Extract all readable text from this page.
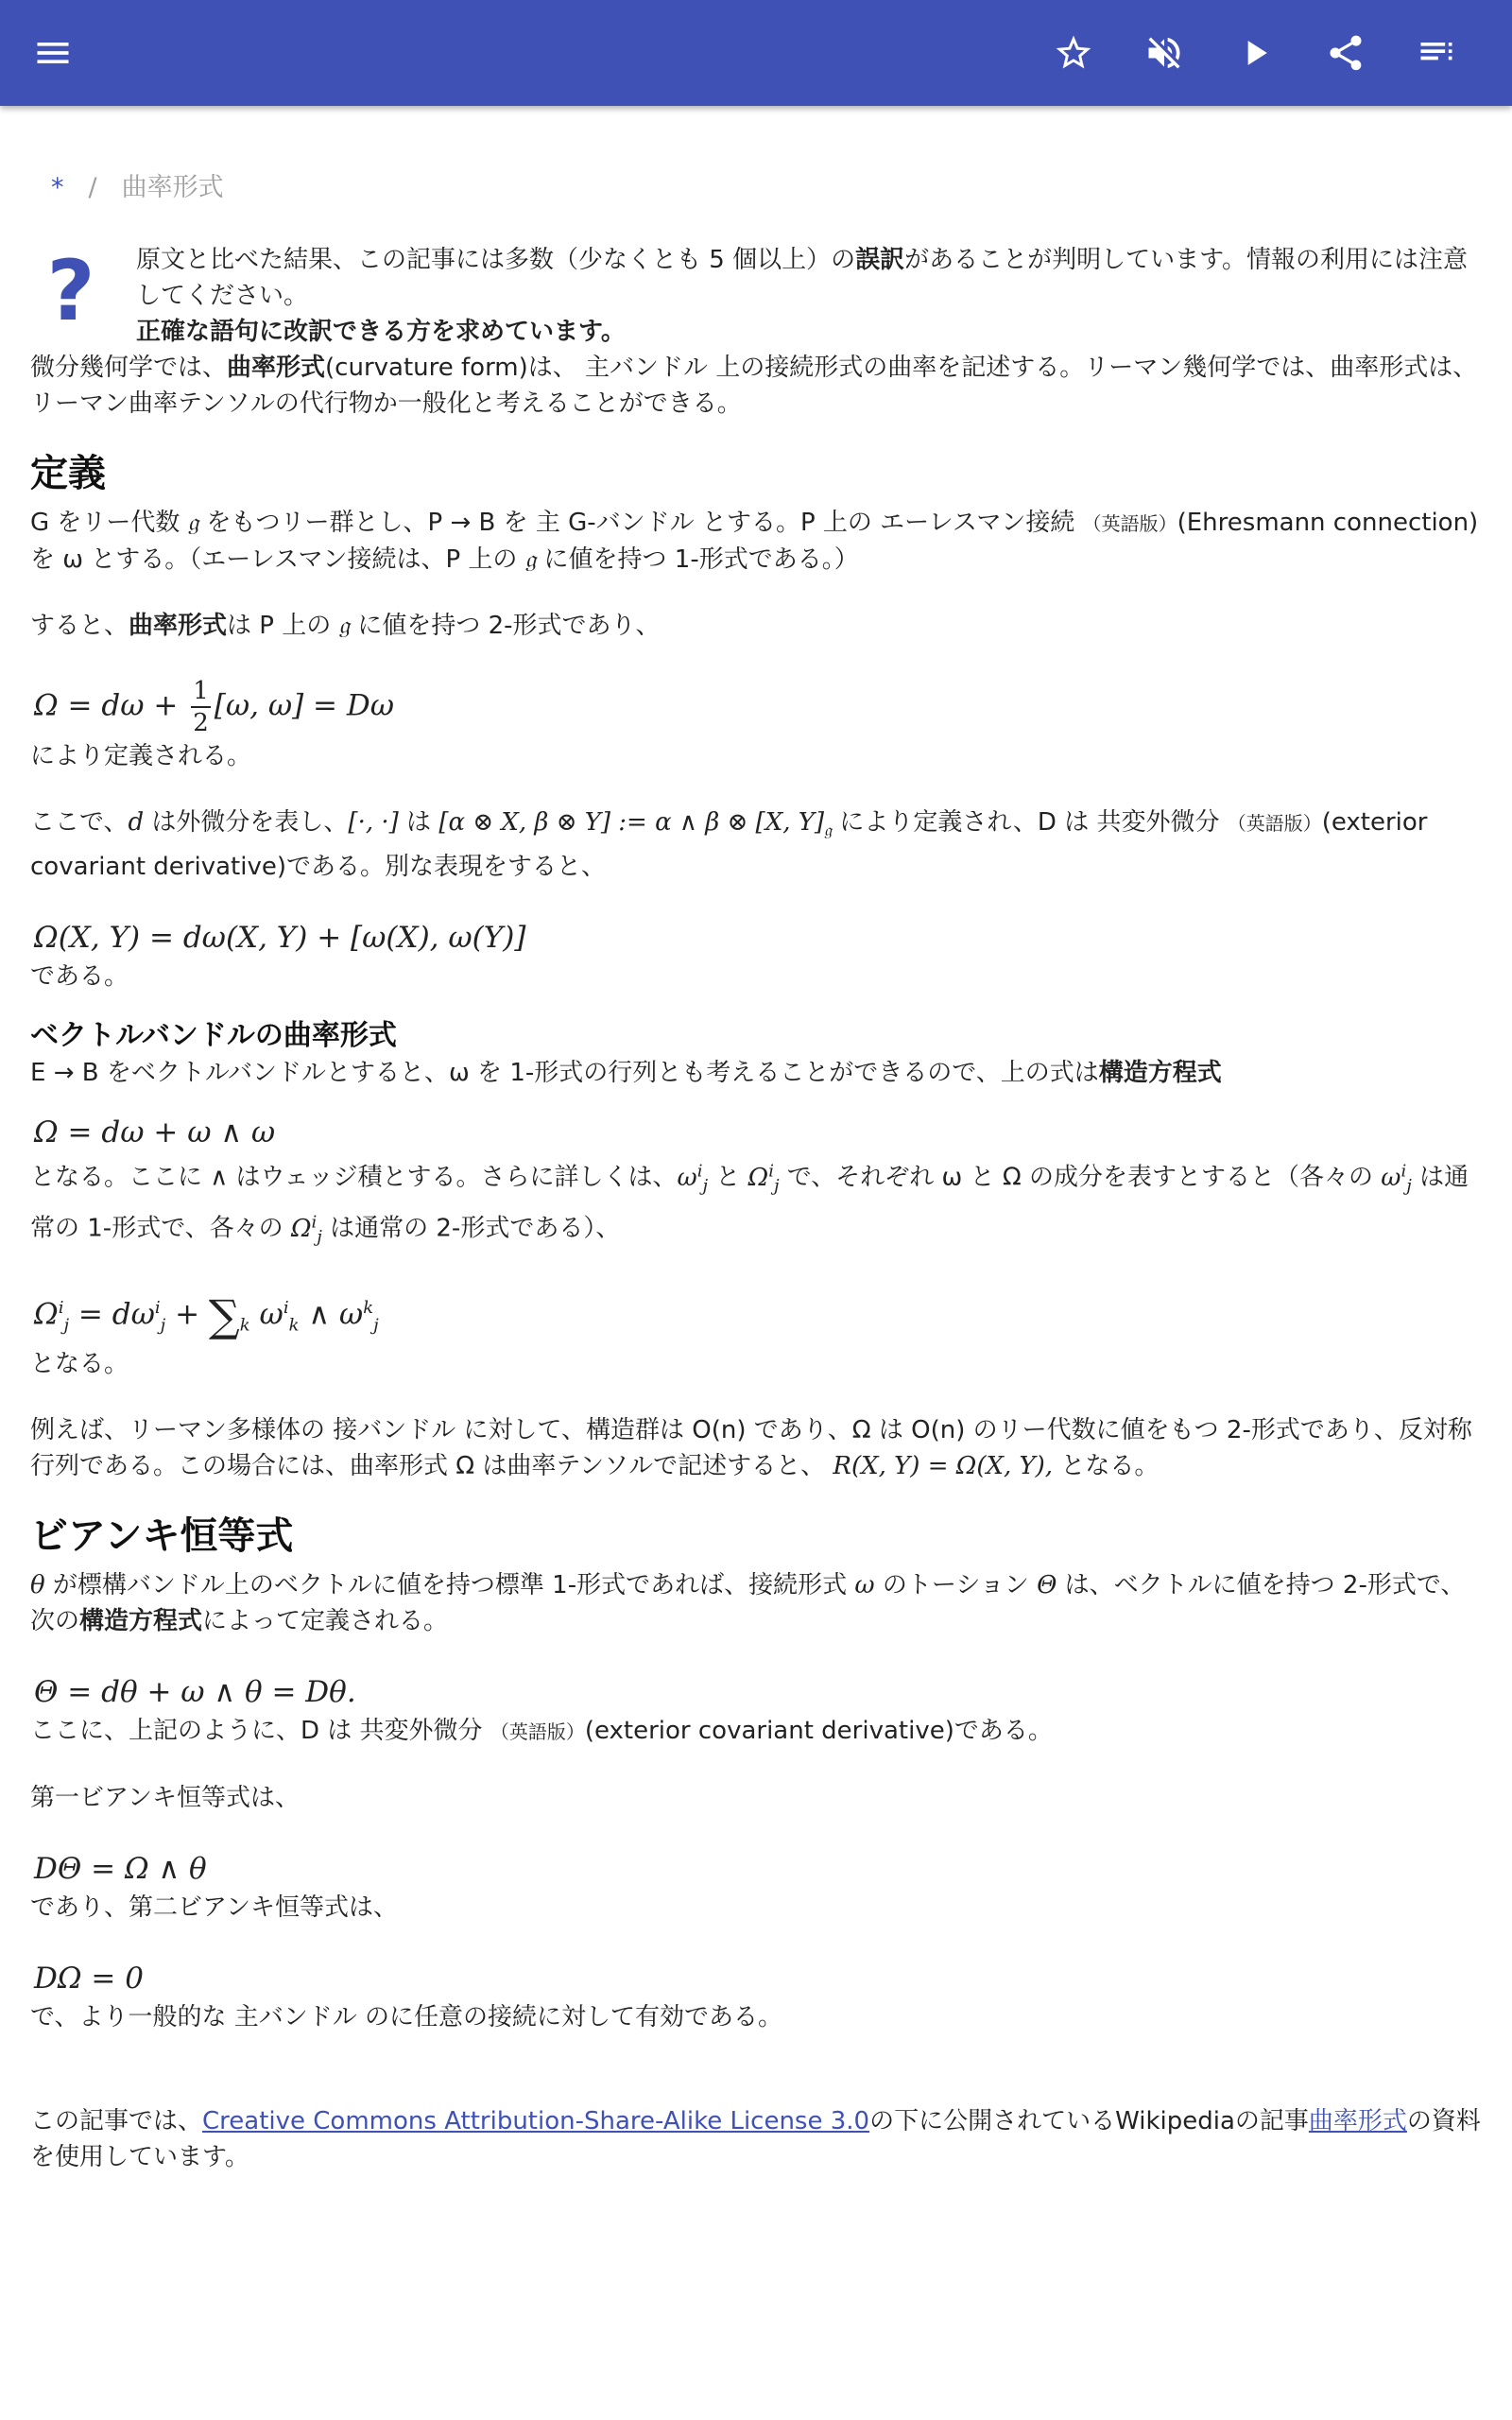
* / 曲率形式
?	原文と比べた結果、この記事には多数（少なくとも 5 個以上）の誤訳があることが判明しています。情報の利用には注意してください。

正確な語句に改訳できる方を求めています。

微分幾何学では、曲率形式(curvature form)は、 主バンドル 上の接続形式の曲率を記述する。リーマン幾何学では、曲率形式は、リーマン曲率テンソルの代行物か一般化と考えることができる。

定義

G をリー代数 𝔤 をもつリー群とし、P → B を 主 G-バンドル とする。P 上の エーレスマン接続 （英語版）(Ehresmann connection)を ω とする。（エーレスマン接続は、P 上の 𝔤 に値を持つ 1-形式である。）

すると、曲率形式は P 上の 𝔤 に値を持つ 2-形式であり、

$\Omega = d\omega + \frac{1}{2} [\omega$, ω] = Dω

により定義される。

ここで、d は外微分を表し、[·, ·] は [α ⊗ X, β ⊗ Y] := α ∧ β ⊗ [X, $Y]_𝔤$ により定義され、D は 共変外微分 （英語版）(exterior covariant derivative)である。別な表現をすると、

Ω(X, Y) = dω(X, Y) + [ω(X), ω(Y)]

である。

ベクトルバンドルの曲率形式

E → B をベクトルバンドルとすると、ω を 1-形式の行列とも考えることができるので、上の式は構造方程式

Ω = dω + ω ∧ ω

となる。ここに ∧ はウェッジ積とする。さらに詳しくは、$\omega^i_j$ と $\Omega^i_j$ で、それぞれ ω と Ω の成分を表すとすると（各々の $\omega^i_j$ は通常の 1-形式で、各々の $\Omega^i_j$ は通常の 2-形式である）、

$\Omega^i_j = d\omega^i_j + \sum_k$ $\omega^i_k$ ∧ $\omega^k_j$

となる。

例えば、リーマン多様体の 接バンドル に対して、構造群は O(n) であり、Ω は O(n) のリー代数に値をもつ 2-形式であり、反対称行列である。この場合には、曲率形式 Ω は曲率テンソルで記述すると、 R(X, Y) = Ω(X, Y), となる。

ビアンキ恒等式

θ が標構バンドル上のベクトルに値を持つ標準 1-形式であれば、接続形式 ω のトーション Θ は、ベクトルに値を持つ 2-形式で、次の構造方程式によって定義される。

Θ = dθ + ω ∧ θ = Dθ.

ここに、上記のように、D は 共変外微分 （英語版）(exterior covariant derivative)である。

第一ビアンキ恒等式は、

DΘ = Ω ∧ θ

であり、第二ビアンキ恒等式は、

DΩ = 0

で、より一般的な 主バンドル のに任意の接続に対して有効である。

この記事では、Creative Commons Attribution-Share-Alike License 3.0の下に公開されているWikipediaの記事曲率形式の資料を使用しています。
